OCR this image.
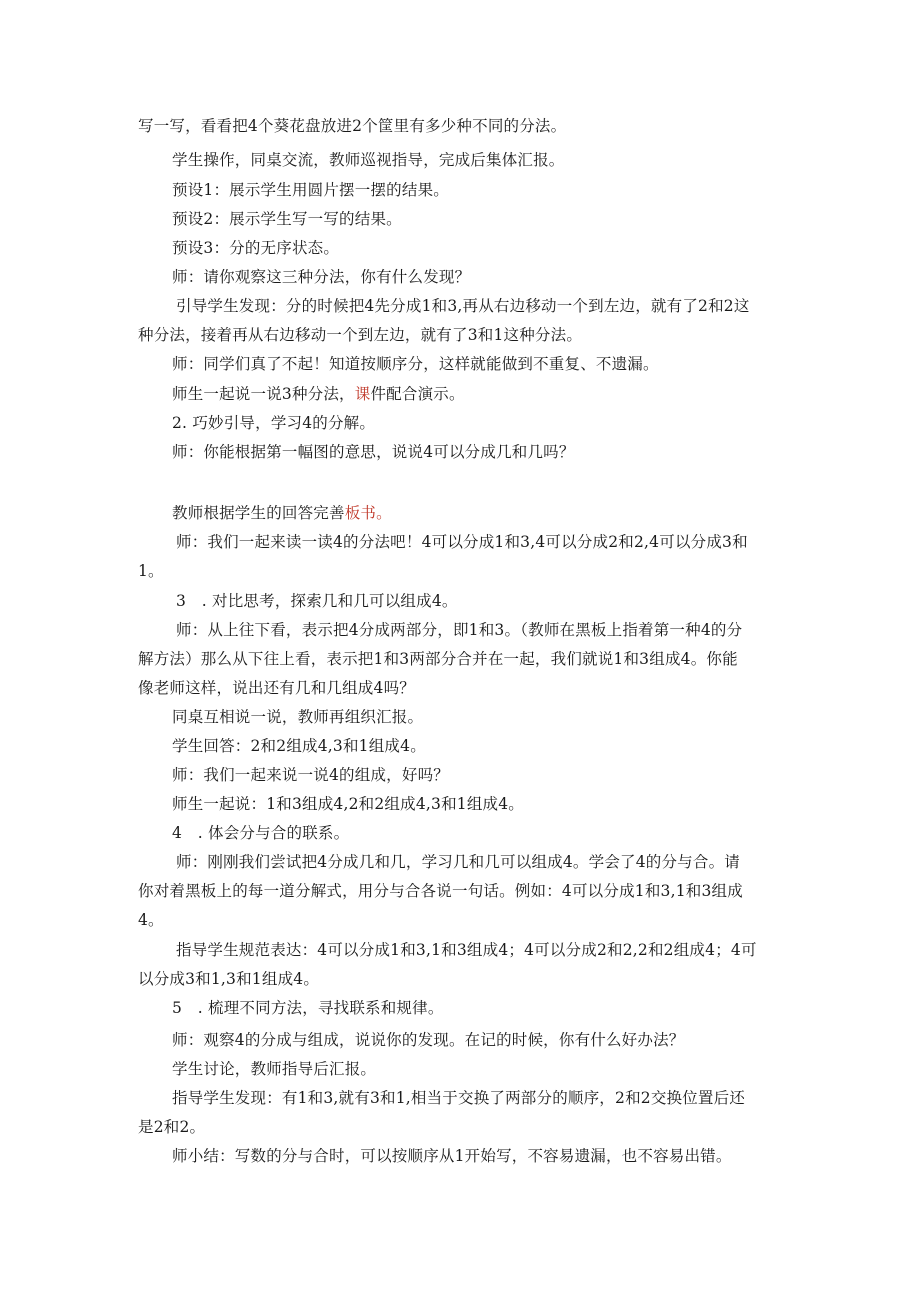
写一写，看看把4个葵花盘放进2个筐里有多少种不同的分法。
学生操作，同桌交流，教师巡视指导，完成后集体汇报。
预设1：展示学生用圆片摆一摆的结果。
预设2：展示学生写一写的结果。
预设3：分的无序状态。
师：请你观察这三种分法，你有什么发现？
引导学生发现：分的时候把4先分成1和3,再从右边移动一个到左边，就有了2和2这
种分法，接着再从右边移动一个到左边，就有了3和1这种分法。
师：同学们真了不起！知道按顺序分，这样就能做到不重复、不遗漏。
师生一起说一说3种分法，课件配合演示。
2. 巧妙引导，学习4的分解。
师：你能根据第一幅图的意思，说说4可以分成几和几吗？
教师根据学生的回答完善板书。
师：我们一起来读一读4的分法吧！4可以分成1和3,4可以分成2和2,4可以分成3和
1。
3　. 对比思考，探索几和几可以组成4。
师：从上往下看，表示把4分成两部分，即1和3。（教师在黑板上指着第一种4的分
解方法）那么从下往上看，表示把1和3两部分合并在一起，我们就说1和3组成4。你能
像老师这样，说出还有几和几组成4吗？
同桌互相说一说，教师再组织汇报。
学生回答：2和2组成4,3和1组成4。
师：我们一起来说一说4的组成，好吗？
师生一起说：1和3组成4,2和2组成4,3和1组成4。
4　. 体会分与合的联系。
师：刚刚我们尝试把4分成几和几，学习几和几可以组成4。学会了4的分与合。请
你对着黑板上的每一道分解式，用分与合各说一句话。例如：4可以分成1和3,1和3组成
4。
指导学生规范表达：4可以分成1和3,1和3组成4；4可以分成2和2,2和2组成4；4可
以分成3和1,3和1组成4。
5　. 梳理不同方法，寻找联系和规律。
师：观察4的分成与组成，说说你的发现。在记的时候，你有什么好办法？
学生讨论，教师指导后汇报。
指导学生发现：有1和3,就有3和1,相当于交换了两部分的顺序，2和2交换位置后还
是2和2。
师小结：写数的分与合时，可以按顺序从1开始写，不容易遗漏，也不容易出错。
